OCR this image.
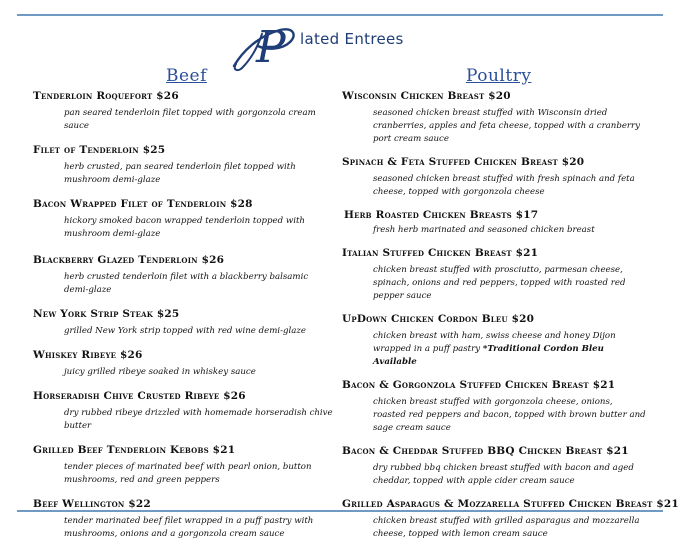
P lated Entrees
Beef	Poultry
Tenderloin Roquefort $26
pan seared tenderloin filet topped with gorgonzola cream sauce
Filet of Tenderloin $25
herb crusted, pan seared tenderloin filet topped with mushroom demi-glaze
Bacon Wrapped Filet of Tenderloin $28
hickory smoked bacon wrapped tenderloin topped with mushroom demi-glaze
Blackberry Glazed Tenderloin $26
herb crusted tenderloin filet with a blackberry balsamic demi-glaze
New York Strip Steak $25
grilled New York strip topped with red wine demi-glaze
Whiskey Ribeye $26
juicy grilled ribeye soaked in whiskey sauce
Horseradish Chive Crusted Ribeye $26
dry rubbed ribeye drizzled with homemade horseradish chive butter
Grilled Beef Tenderloin Kebobs $21
tender pieces of marinated beef with pearl onion, button mushrooms, red and green peppers
Beef Wellington $22
tender marinated beef filet wrapped in a puff pastry with mushrooms, onions and a gorgonzola cream sauce
Wisconsin Chicken Breast $20
seasoned chicken breast stuffed with Wisconsin dried cranberries, apples and feta cheese, topped with a cranberry port cream sauce
Spinach & Feta Stuffed Chicken Breast $20
seasoned chicken breast stuffed with fresh spinach and feta cheese, topped with gorgonzola cheese
Herb Roasted Chicken Breasts $17
fresh herb marinated and seasoned chicken breast
Italian Stuffed Chicken Breast $21
chicken breast stuffed with prosciutto, parmesan cheese, spinach, onions and red peppers, topped with roasted red pepper sauce
UpDown Chicken Cordon Bleu $20
chicken breast with ham, swiss cheese and honey Dijon wrapped in a puff pastry *Traditional Cordon Bleu Available
Bacon & Gorgonzola Stuffed Chicken Breast $21
chicken breast stuffed with gorgonzola cheese, onions, roasted red peppers and bacon, topped with brown butter and sage cream sauce
Bacon & Cheddar Stuffed BBQ Chicken Breast $21
dry rubbed bbq chicken breast stuffed with bacon and aged cheddar, topped with apple cider cream sauce
Grilled Asparagus & Mozzarella Stuffed Chicken Breast $21
chicken breast stuffed with grilled asparagus and mozzarella cheese, topped with lemon cream sauce
